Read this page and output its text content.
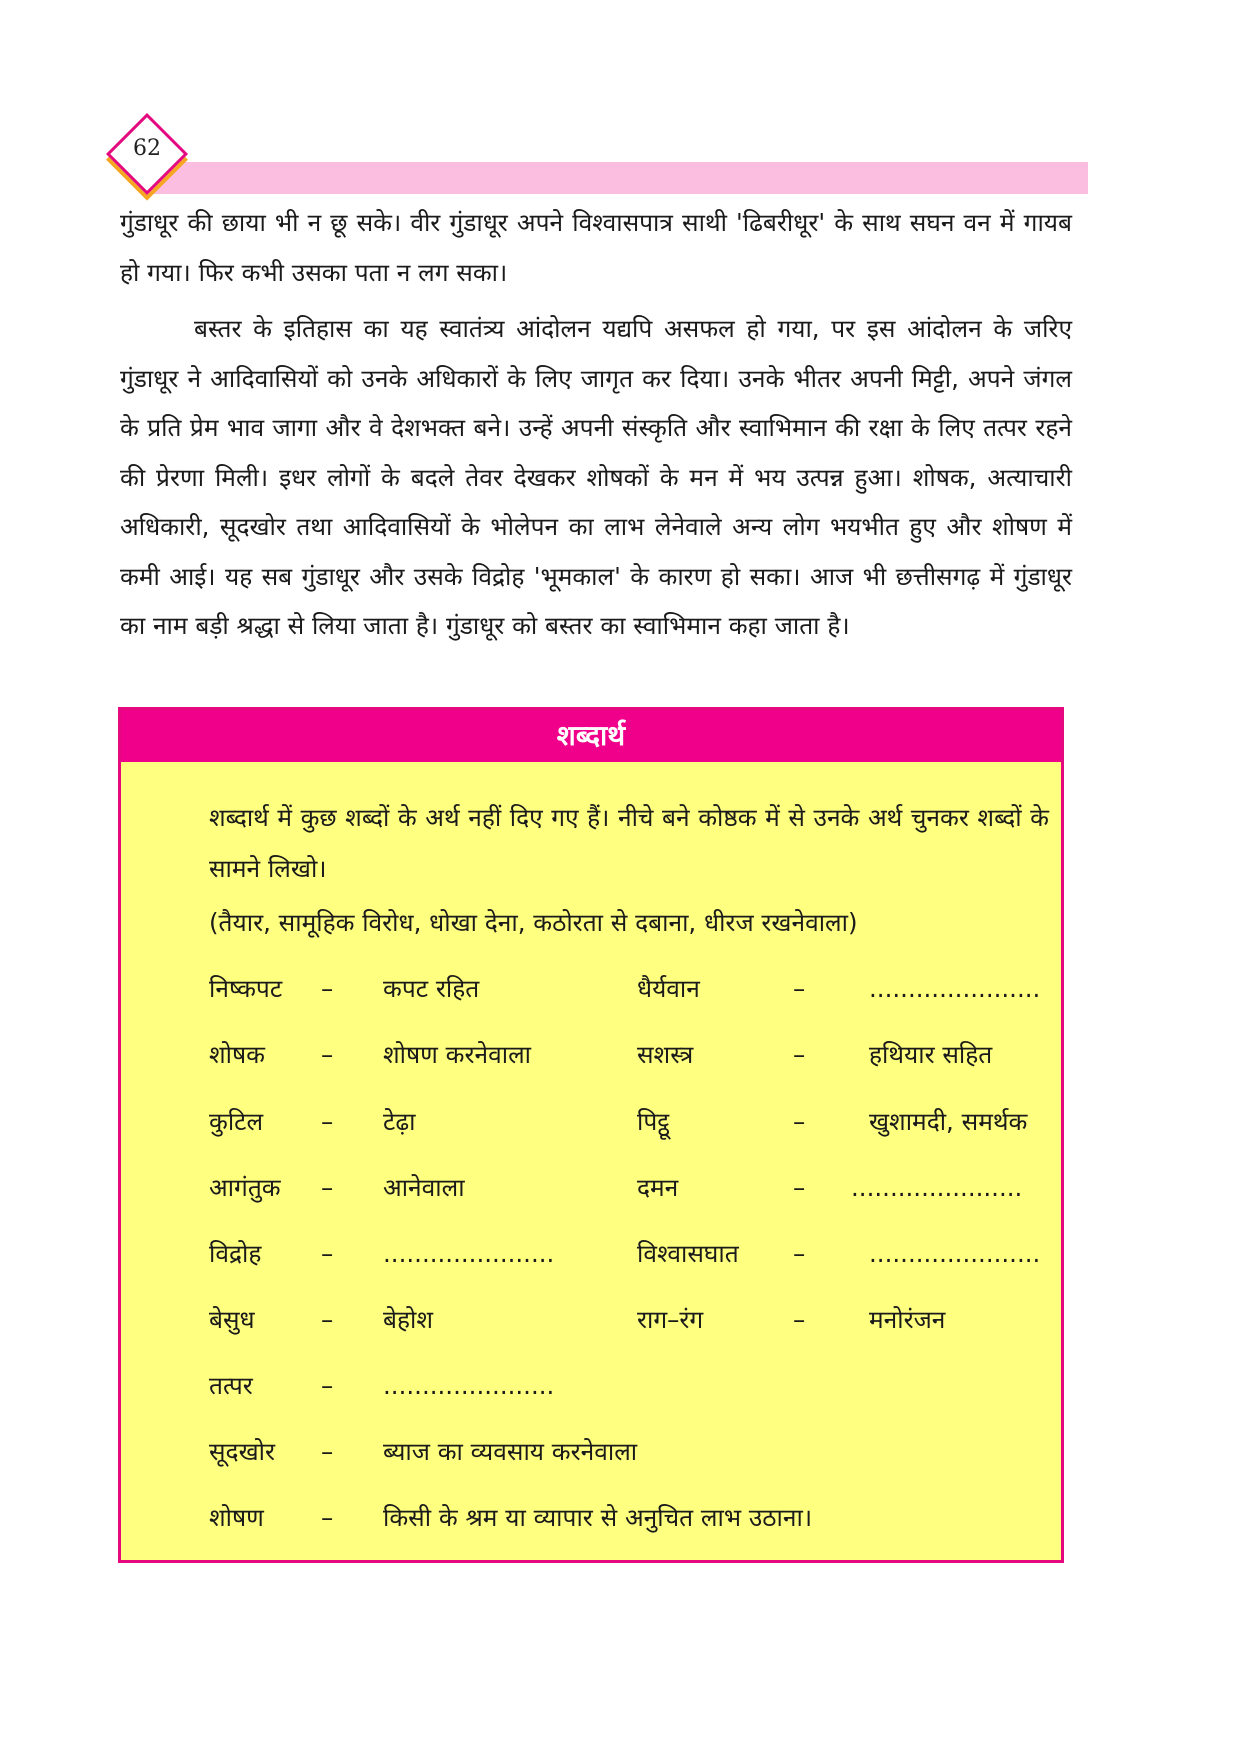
62

गुंडाधूर की छाया भी न छू सके। वीर गुंडाधूर अपने विश्वासपात्र साथी 'ढिबरीधूर' के साथ सघन वन में गायब हो गया। फिर कभी उसका पता न लग सका।

बस्तर के इतिहास का यह स्वातंत्र्य आंदोलन यद्यपि असफल हो गया, पर इस आंदोलन के जरिए गुंडाधूर ने आदिवासियों को उनके अधिकारों के लिए जागृत कर दिया। उनके भीतर अपनी मिट्टी, अपने जंगल के प्रति प्रेम भाव जागा और वे देशभक्त बने। उन्हें अपनी संस्कृति और स्वाभिमान की रक्षा के लिए तत्पर रहने की प्रेरणा मिली। इधर लोगों के बदले तेवर देखकर शोषकों के मन में भय उत्पन्न हुआ। शोषक, अत्याचारी अधिकारी, सूदखोर तथा आदिवासियों के भोलेपन का लाभ लेनेवाले अन्य लोग भयभीत हुए और शोषण में कमी आई। यह सब गुंडाधूर और उसके विद्रोह 'भूमकाल' के कारण हो सका। आज भी छत्तीसगढ़ में गुंडाधूर का नाम बड़ी श्रद्धा से लिया जाता है। गुंडाधूर को बस्तर का स्वाभिमान कहा जाता है।

शब्दार्थ

शब्दार्थ में कुछ शब्दों के अर्थ नहीं दिए गए हैं। नीचे बने कोष्ठक में से उनके अर्थ चुनकर शब्दों के सामने लिखो।

(तैयार, सामूहिक विरोध, धोखा देना, कठोरता से दबाना, धीरज रखनेवाला)

निष्कपट – कपट रहित	धैर्यवान	–	......................
शोषक – शोषण करनेवाला	सशस्त्र	–	हथियार सहित
कुटिल – टेढ़ा	पिट्ठू	–	खुशामदी, समर्थक
आगंतुक – आनेवाला	दमन	– ......................
विद्रोह – ......................	विश्वासघात –	......................
बेसुध	– बेहोश	राग–रंग	–	मनोरंजन
तत्पर	– ......................
सूदखोर – ब्याज का व्यवसाय करनेवाला
शोषण – किसी के श्रम या व्यापार से अनुचित लाभ उठाना।
